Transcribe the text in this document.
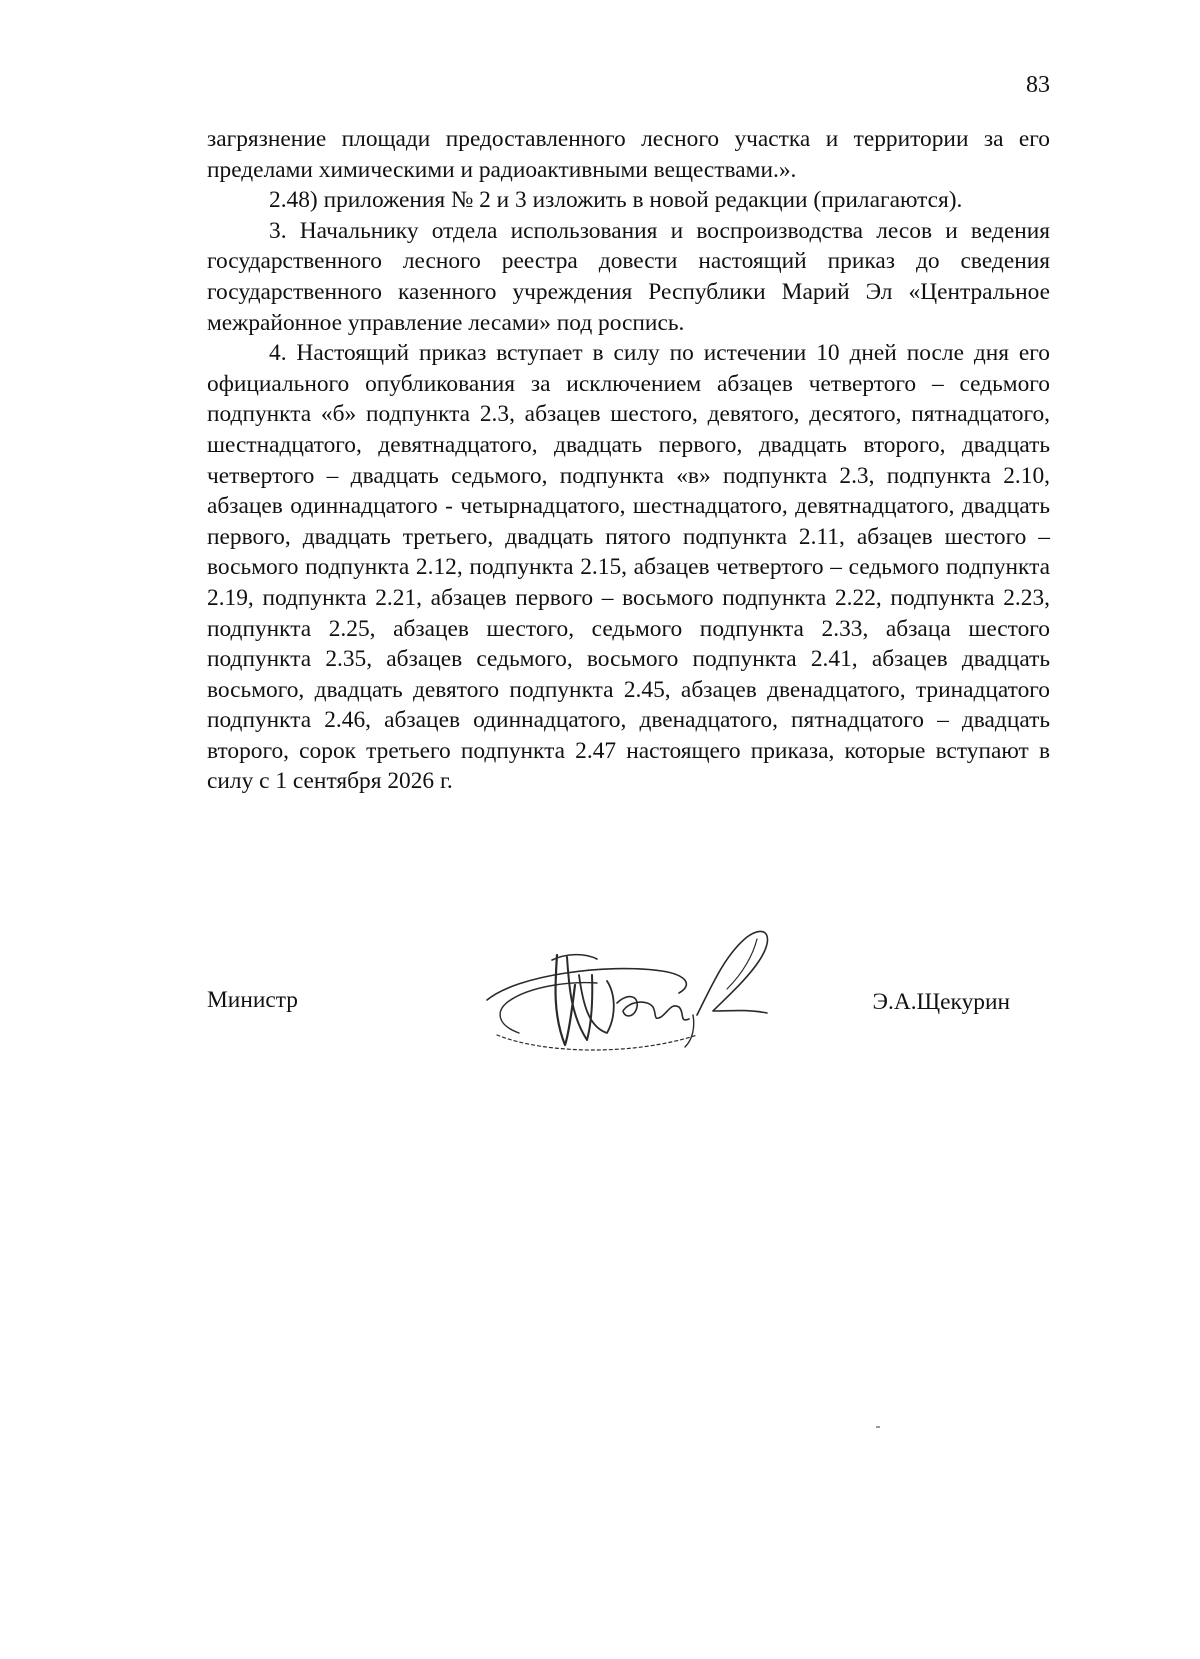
83

загрязнение площади предоставленного лесного участка и территории за его пределами химическими и радиоактивными веществами.».

2.48) приложения № 2 и 3 изложить в новой редакции (прилагаются).

3. Начальнику отдела использования и воспроизводства лесов и ведения государственного лесного реестра довести настоящий приказ до сведения государственного казенного учреждения Республики Марий Эл «Центральное межрайонное управление лесами» под роспись.

4. Настоящий приказ вступает в силу по истечении 10 дней после дня его официального опубликования за исключением абзацев четвертого – седьмого подпункта «б» подпункта 2.3, абзацев шестого, девятого, десятого, пятнадцатого, шестнадцатого, девятнадцатого, двадцать первого, двадцать второго, двадцать четвертого – двадцать седьмого, подпункта «в» подпункта 2.3, подпункта 2.10, абзацев одиннадцатого - четырнадцатого, шестнадцатого, девятнадцатого, двадцать первого, двадцать третьего, двадцать пятого подпункта 2.11, абзацев шестого – восьмого подпункта 2.12, подпункта 2.15, абзацев четвертого – седьмого подпункта 2.19, подпункта 2.21, абзацев первого – восьмого подпункта 2.22, подпункта 2.23, подпункта 2.25, абзацев шестого, седьмого подпункта 2.33, абзаца шестого подпункта 2.35, абзацев седьмого, восьмого подпункта 2.41, абзацев двадцать восьмого, двадцать девятого подпункта 2.45, абзацев двенадцатого, тринадцатого подпункта 2.46, абзацев одиннадцатого, двенадцатого, пятнадцатого – двадцать второго, сорок третьего подпункта 2.47 настоящего приказа, которые вступают в силу с 1 сентября 2026 г.

Министр	Э.А.Щекурин
